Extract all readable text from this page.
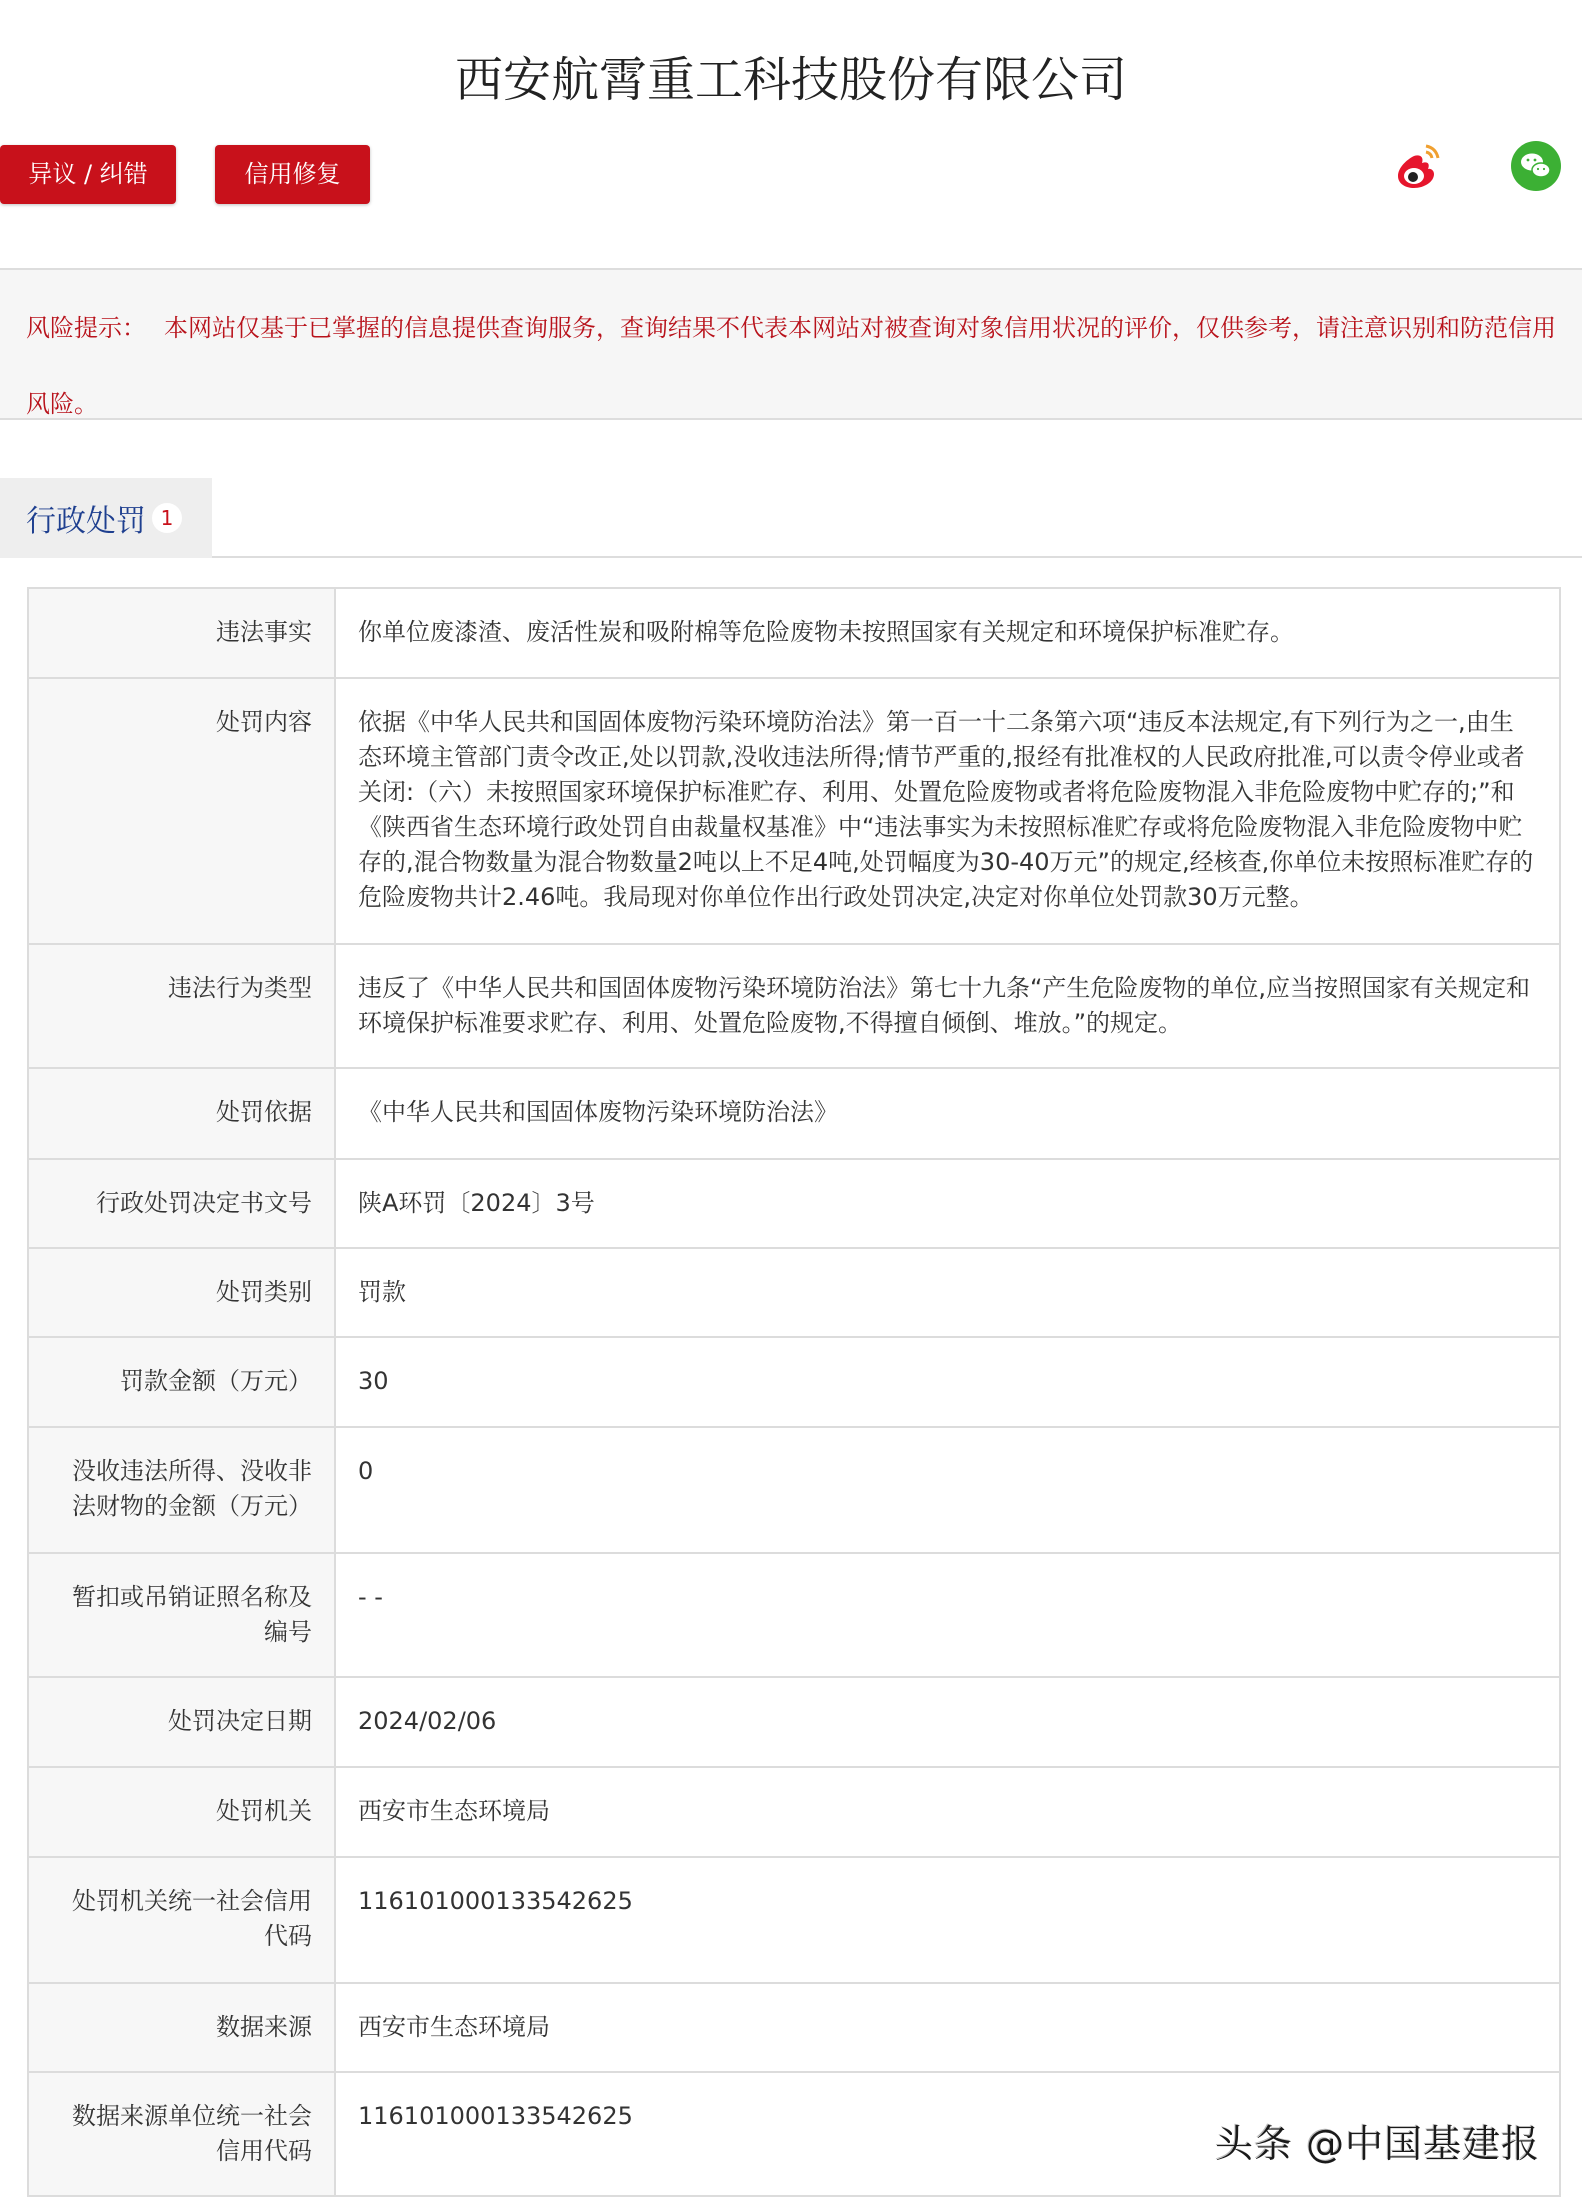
西安航霄重工科技股份有限公司
异议 / 纠错	信用修复
风险提示： 本网站仅基于已掌握的信息提供查询服务，查询结果不代表本网站对被查询对象信用状况的评价，仅供参考，请注意识别和防范信用风险。
行政处罚 1
违法事实	你单位废漆渣、废活性炭和吸附棉等危险废物未按照国家有关规定和环境保护标准贮存。
处罚内容	依据《中华人民共和国固体废物污染环境防治法》第一百一十二条第六项“违反本法规定,有下列行为之一,由生态环境主管部门责令改正,处以罚款,没收违法所得;情节严重的,报经有批准权的人民政府批准,可以责令停业或者关闭:（六）未按照国家环境保护标准贮存、利用、处置危险废物或者将危险废物混入非危险废物中贮存的;”和《陕西省生态环境行政处罚自由裁量权基准》中“违法事实为未按照标准贮存或将危险废物混入非危险废物中贮存的,混合物数量为混合物数量2吨以上不足4吨,处罚幅度为30-40万元”的规定,经核查,你单位未按照标准贮存的危险废物共计2.46吨。我局现对你单位作出行政处罚决定,决定对你单位处罚款30万元整。
违法行为类型	违反了《中华人民共和国固体废物污染环境防治法》第七十九条“产生危险废物的单位,应当按照国家有关规定和环境保护标准要求贮存、利用、处置危险废物,不得擅自倾倒、堆放。”的规定。
处罚依据	《中华人民共和国固体废物污染环境防治法》
行政处罚决定书文号	陕A环罚〔2024〕3号
处罚类别	罚款
罚款金额（万元）	30
没收违法所得、没收非法财物的金额（万元）	0
暂扣或吊销证照名称及编号	- -
处罚决定日期	2024/02/06
处罚机关	西安市生态环境局
处罚机关统一社会信用代码	116101000133542625
数据来源	西安市生态环境局
数据来源单位统一社会信用代码	116101000133542625
头条 @中国基建报
